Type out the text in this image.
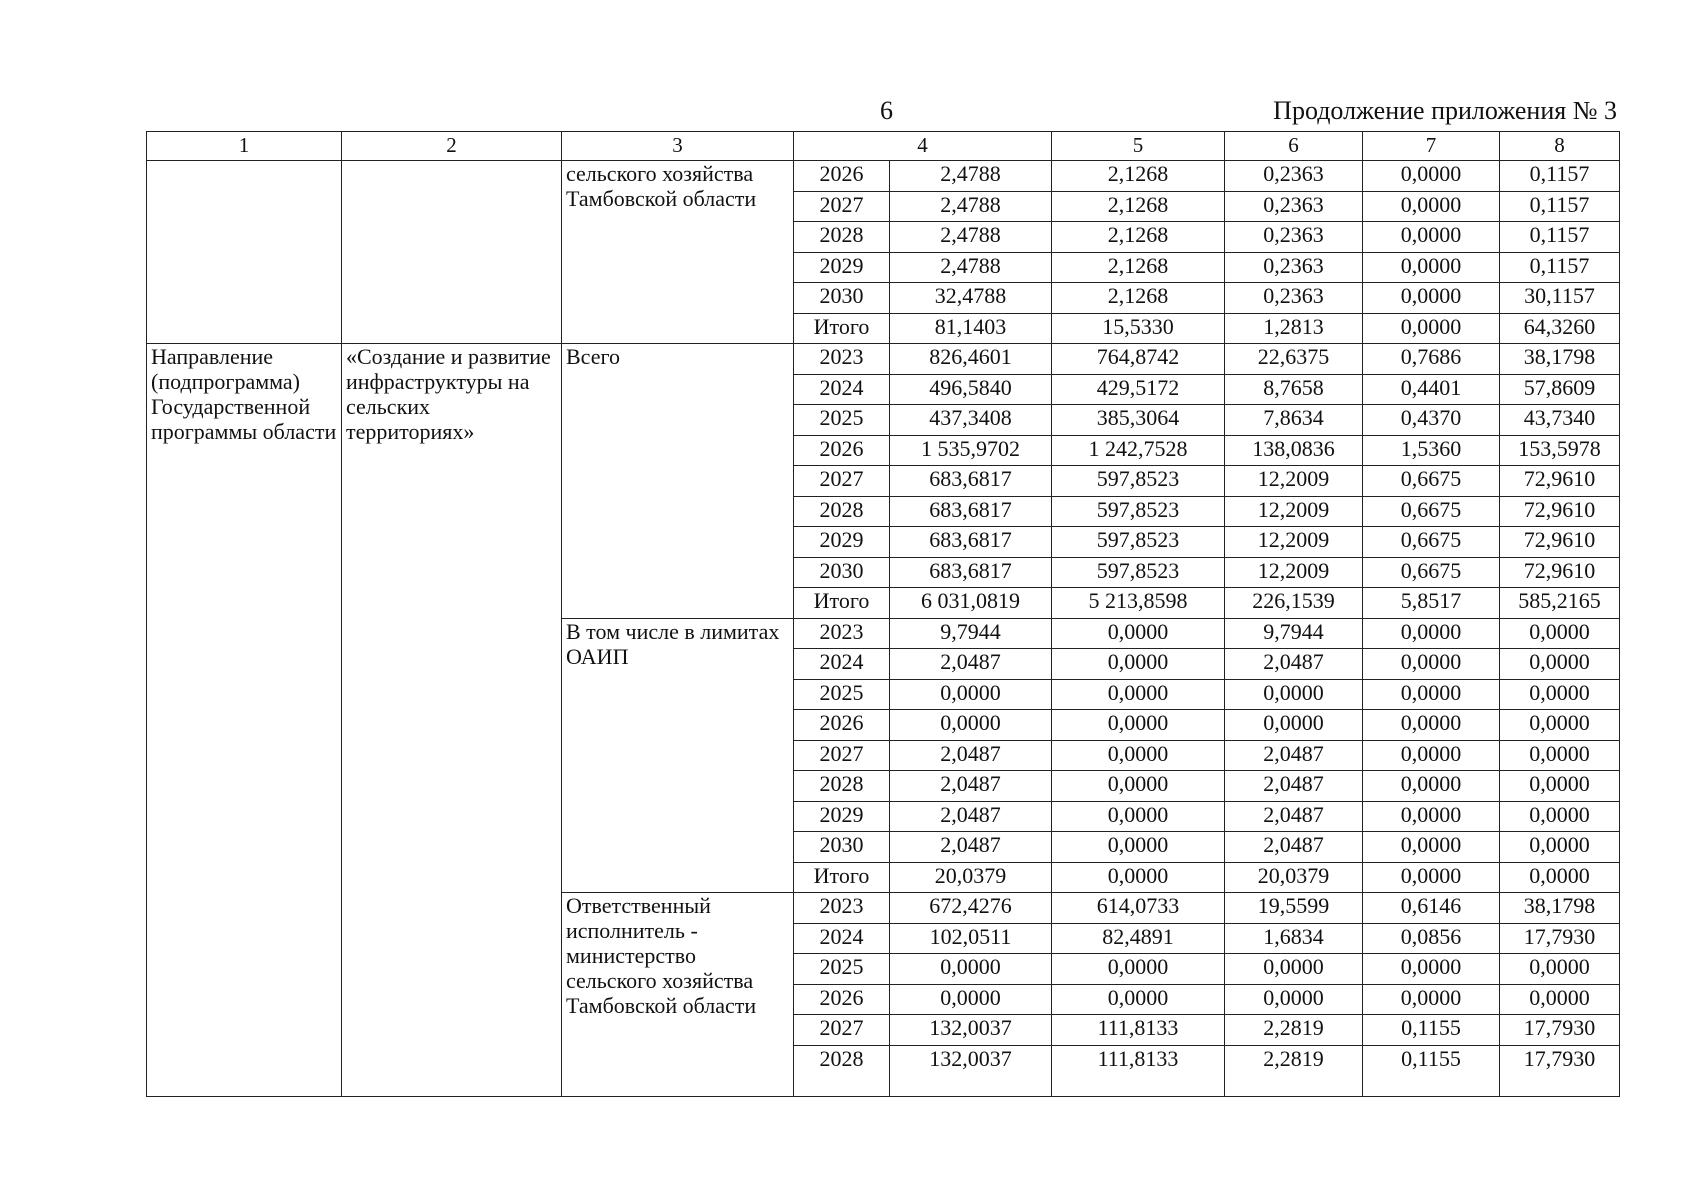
6	Продолжение приложения № 3
1	2	3	4		5	6	7	8
		сельского хозяйства Тамбовской области	2026	2,4788	2,1268	0,2363	0,0000	0,1157
			2027	2,4788	2,1268	0,2363	0,0000	0,1157
			2028	2,4788	2,1268	0,2363	0,0000	0,1157
			2029	2,4788	2,1268	0,2363	0,0000	0,1157
			2030	32,4788	2,1268	0,2363	0,0000	30,1157
			Итого	81,1403	15,5330	1,2813	0,0000	64,3260
Направление (подпрограмма) Государственной программы области	«Создание и развитие инфраструктуры на сельских территориях»	Всего	2023	826,4601	764,8742	22,6375	0,7686	38,1798
			2024	496,5840	429,5172	8,7658	0,4401	57,8609
			2025	437,3408	385,3064	7,8634	0,4370	43,7340
			2026	1 535,9702	1 242,7528	138,0836	1,5360	153,5978
			2027	683,6817	597,8523	12,2009	0,6675	72,9610
			2028	683,6817	597,8523	12,2009	0,6675	72,9610
			2029	683,6817	597,8523	12,2009	0,6675	72,9610
			2030	683,6817	597,8523	12,2009	0,6675	72,9610
			Итого	6 031,0819	5 213,8598	226,1539	5,8517	585,2165
		В том числе в лимитах ОАИП	2023	9,7944	0,0000	9,7944	0,0000	0,0000
			2024	2,0487	0,0000	2,0487	0,0000	0,0000
			2025	0,0000	0,0000	0,0000	0,0000	0,0000
			2026	0,0000	0,0000	0,0000	0,0000	0,0000
			2027	2,0487	0,0000	2,0487	0,0000	0,0000
			2028	2,0487	0,0000	2,0487	0,0000	0,0000
			2029	2,0487	0,0000	2,0487	0,0000	0,0000
			2030	2,0487	0,0000	2,0487	0,0000	0,0000
			Итого	20,0379	0,0000	20,0379	0,0000	0,0000
		Ответственный исполнитель - министерство сельского хозяйства Тамбовской области	2023	672,4276	614,0733	19,5599	0,6146	38,1798
			2024	102,0511	82,4891	1,6834	0,0856	17,7930
			2025	0,0000	0,0000	0,0000	0,0000	0,0000
			2026	0,0000	0,0000	0,0000	0,0000	0,0000
			2027	132,0037	111,8133	2,2819	0,1155	17,7930
			2028	132,0037	111,8133	2,2819	0,1155	17,7930
